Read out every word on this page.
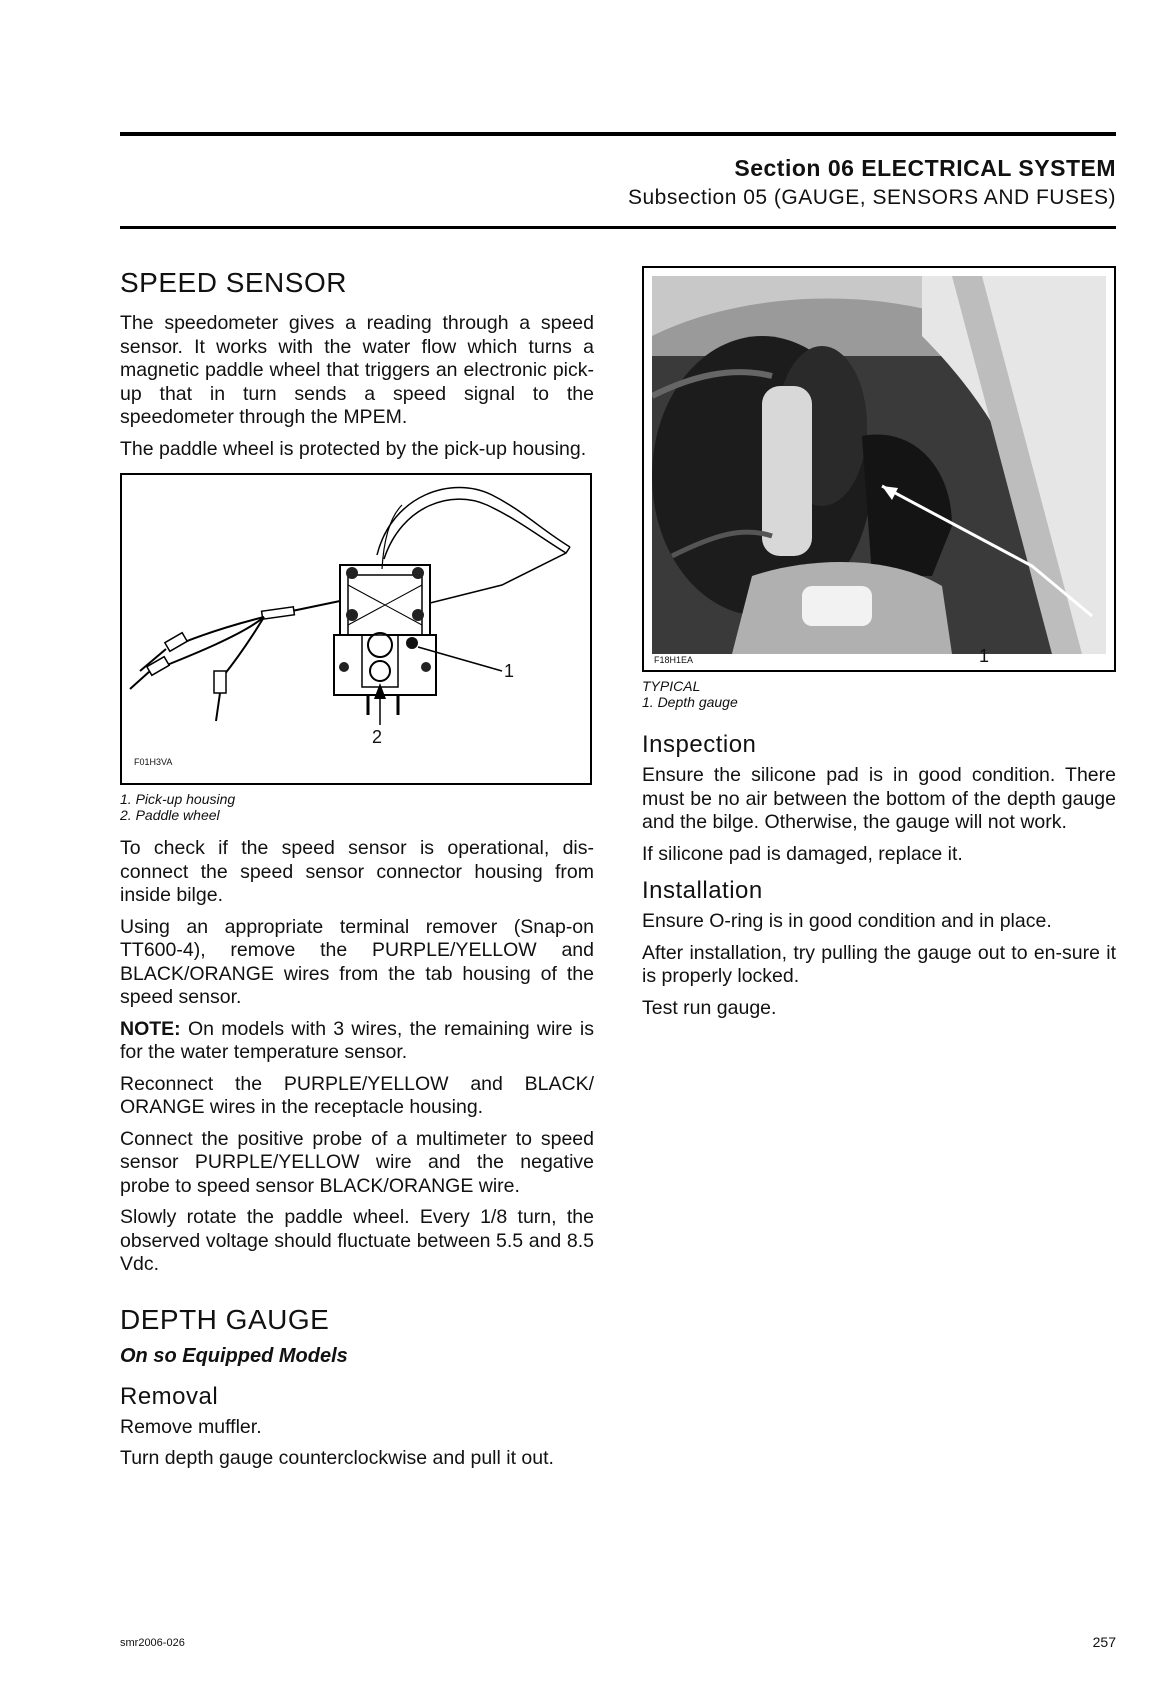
Section 06 ELECTRICAL SYSTEM
Subsection 05 (GAUGE, SENSORS AND FUSES)
SPEED SENSOR

The speedometer gives a reading through a speed sensor. It works with the water flow which turns a magnetic paddle wheel that triggers an electronic pick-up that in turn sends a speed signal to the speedometer through the MPEM.

The paddle wheel is protected by the pick-up housing.

1
2
F01H3VA
1. Pick-up housing
2. Paddle wheel

To check if the speed sensor is operational, dis-connect the speed sensor connector housing from inside bilge.

Using an appropriate terminal remover (Snap-on TT600-4), remove the PURPLE/YELLOW and BLACK/ORANGE wires from the tab housing of the speed sensor.

NOTE: On models with 3 wires, the remaining wire is for the water temperature sensor.

Reconnect the PURPLE/YELLOW and BLACK/ ORANGE wires in the receptacle housing.

Connect the positive probe of a multimeter to speed sensor PURPLE/YELLOW wire and the negative probe to speed sensor BLACK/ORANGE wire.

Slowly rotate the paddle wheel. Every 1/8 turn, the observed voltage should fluctuate between 5.5 and 8.5 Vdc.

DEPTH GAUGE
On so Equipped Models
Removal

Remove muffler.

Turn depth gauge counterclockwise and pull it out.

F18H1EA	1
TYPICAL
1. Depth gauge
Inspection

Ensure the silicone pad is in good condition. There must be no air between the bottom of the depth gauge and the bilge. Otherwise, the gauge will not work.

If silicone pad is damaged, replace it.

Installation

Ensure O-ring is in good condition and in place.

After installation, try pulling the gauge out to en-sure it is properly locked.

Test run gauge.

smr2006-026	257
